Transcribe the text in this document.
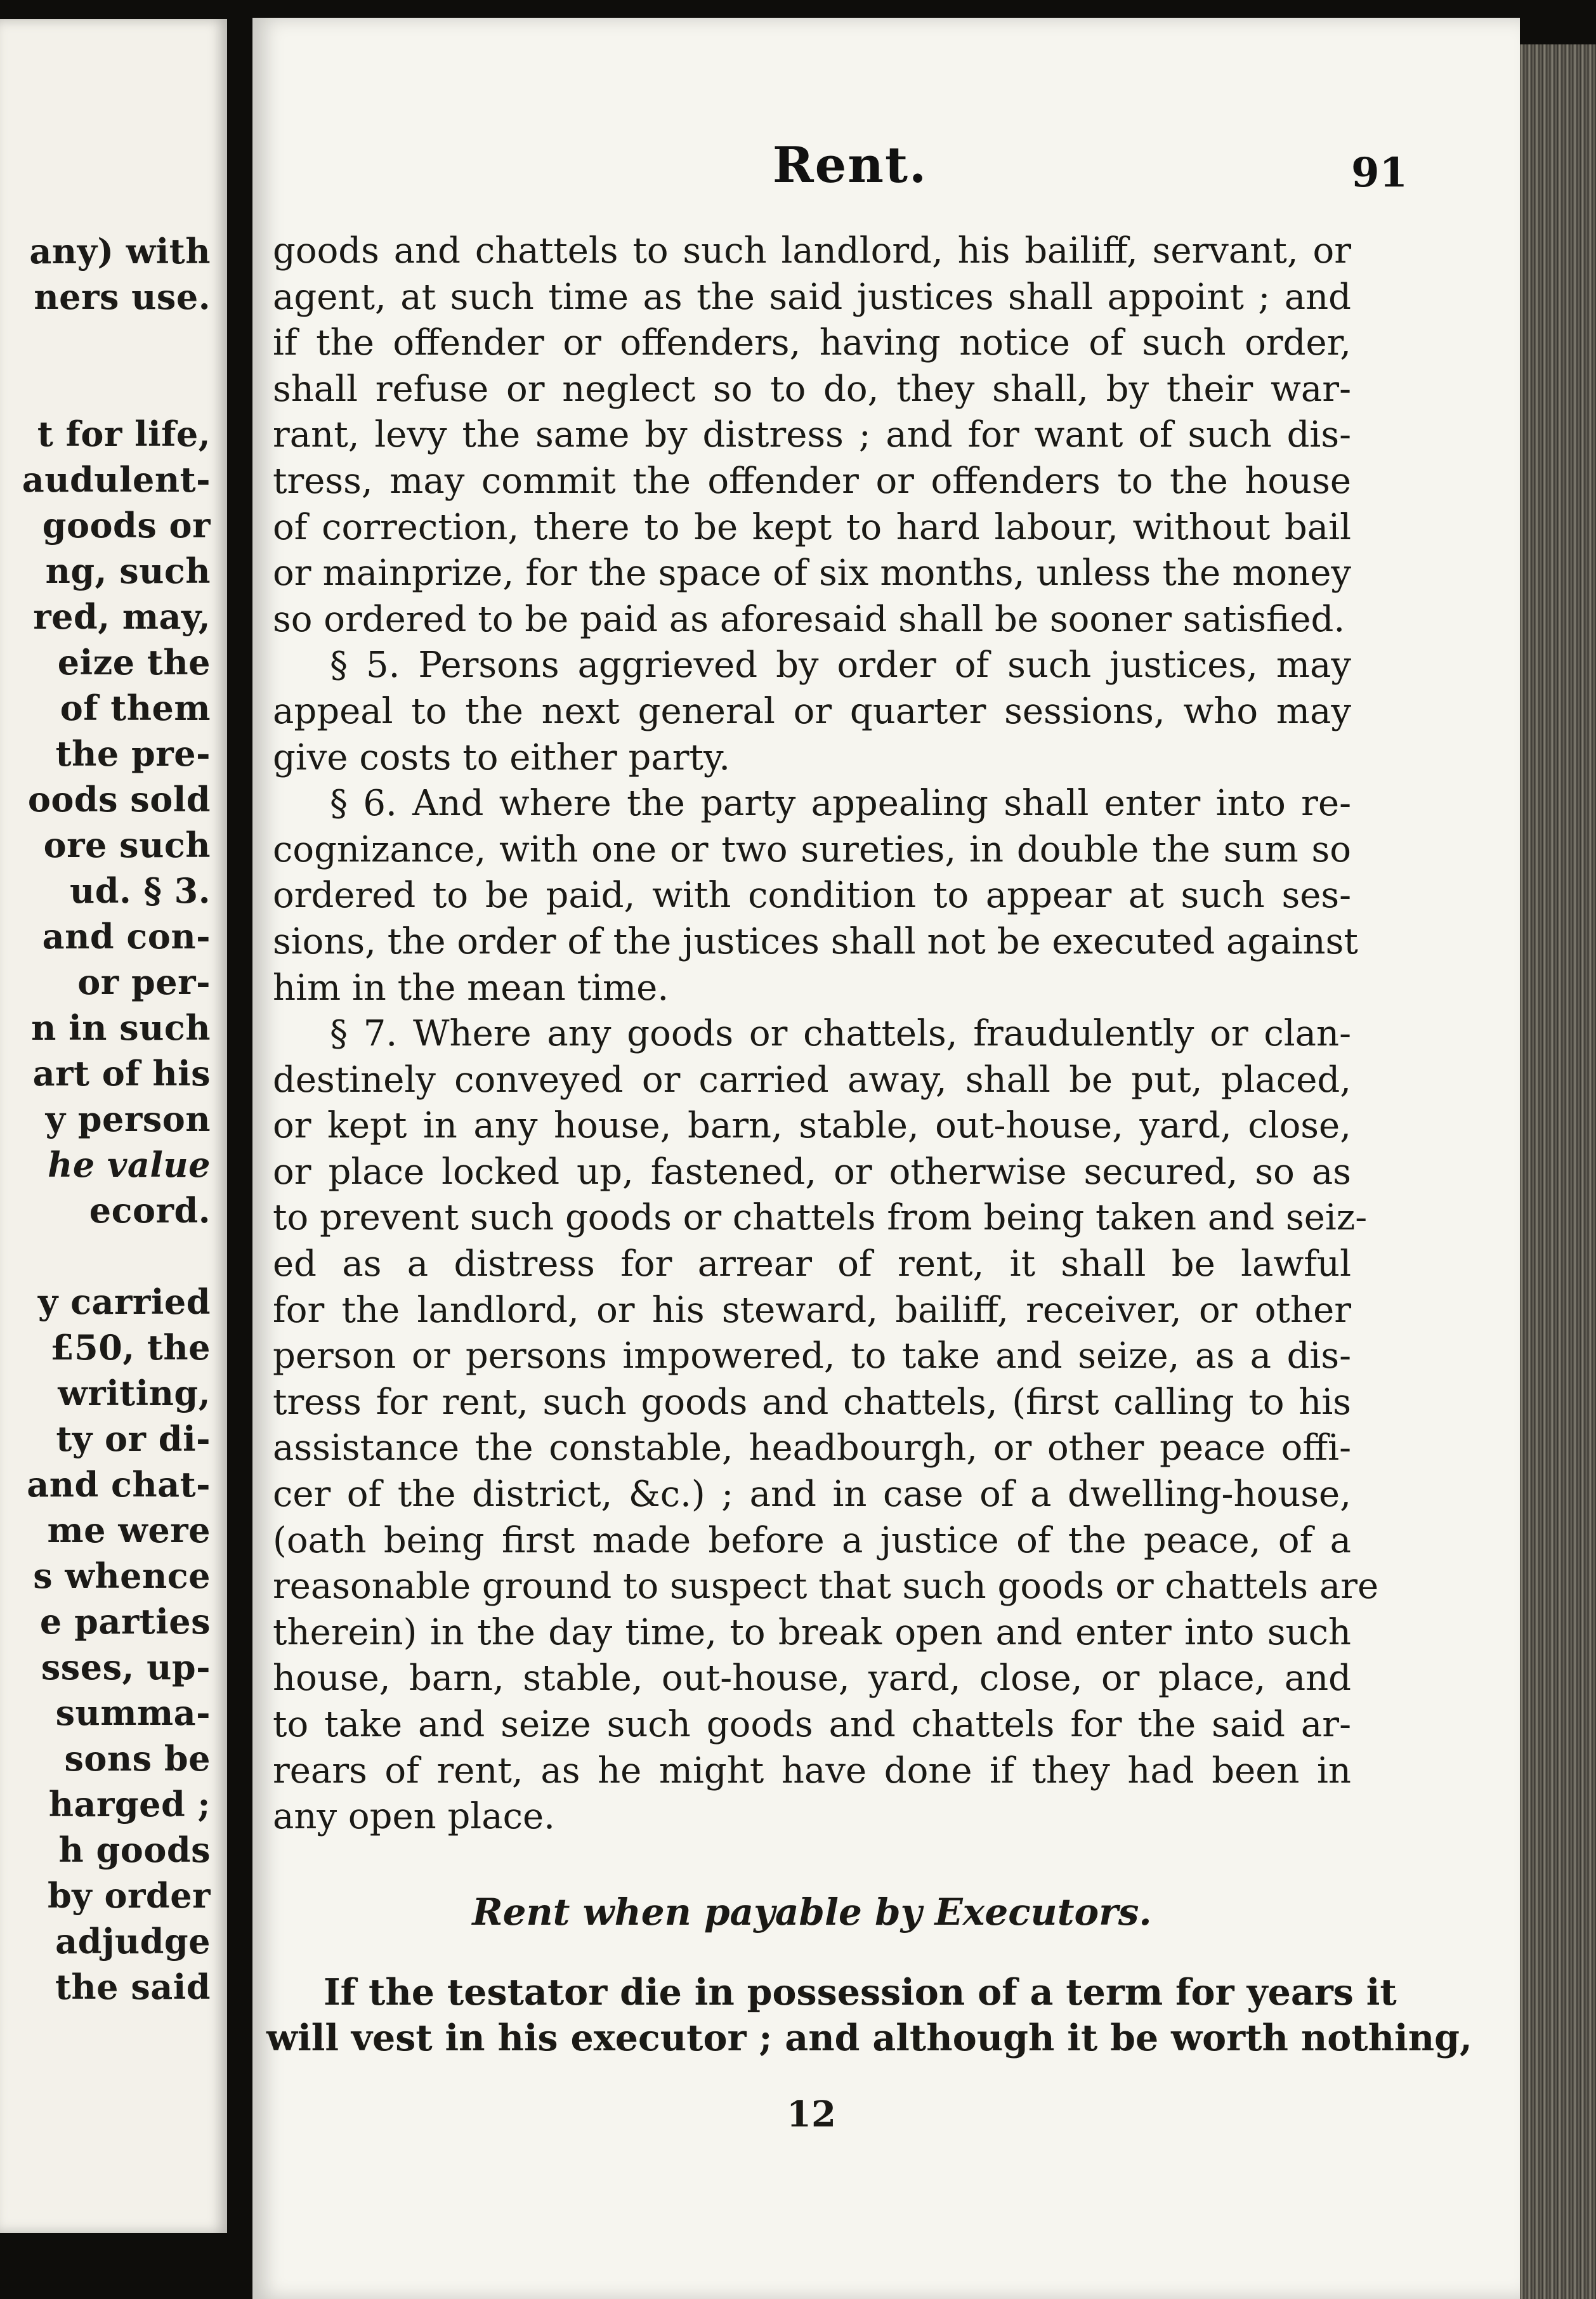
any) with
ners use.
t for life,
audulent-
goods or
ng, such
red, may,
eize the
of them
the pre-
oods sold
ore such
ud. § 3.
and con-
or per-
n in such
art of his
y person
he value
ecord.
y carried
£50, the
writing,
ty or di-
and chat-
me were
s whence
e parties
sses, up-
summa-
sons be
harged ;
h goods
by order
adjudge
the said
Rent.	91
goods and chattels to such landlord, his bailiff, servant, or
agent, at such time as the said justices shall appoint ; and
if the offender or offenders, having notice of such order,
shall refuse or neglect so to do, they shall, by their war-
rant, levy the same by distress ; and for want of such dis-
tress, may commit the offender or offenders to the house
of correction, there to be kept to hard labour, without bail
or mainprize, for the space of six months, unless the money
so ordered to be paid as aforesaid shall be sooner satisfied.
§ 5. Persons aggrieved by order of such justices, may
appeal to the next general or quarter sessions, who may
give costs to either party.
§ 6. And where the party appealing shall enter into re-
cognizance, with one or two sureties, in double the sum so
ordered to be paid, with condition to appear at such ses-
sions, the order of the justices shall not be executed against
him in the mean time.
§ 7. Where any goods or chattels, fraudulently or clan-
destinely conveyed or carried away, shall be put, placed,
or kept in any house, barn, stable, out-house, yard, close,
or place locked up, fastened, or otherwise secured, so as
to prevent such goods or chattels from being taken and seiz-
ed as a distress for arrear of rent, it shall be lawful
for the landlord, or his steward, bailiff, receiver, or other
person or persons impowered, to take and seize, as a dis-
tress for rent, such goods and chattels, (first calling to his
assistance the constable, headbourgh, or other peace offi-
cer of the district, &c.) ; and in case of a dwelling-house,
(oath being first made before a justice of the peace, of a
reasonable ground to suspect that such goods or chattels are
therein) in the day time, to break open and enter into such
house, barn, stable, out-house, yard, close, or place, and
to take and seize such goods and chattels for the said ar-
rears of rent, as he might have done if they had been in
any open place.
Rent when payable by Executors.
If the testator die in possession of a term for years it
will vest in his executor ; and although it be worth nothing,
12
